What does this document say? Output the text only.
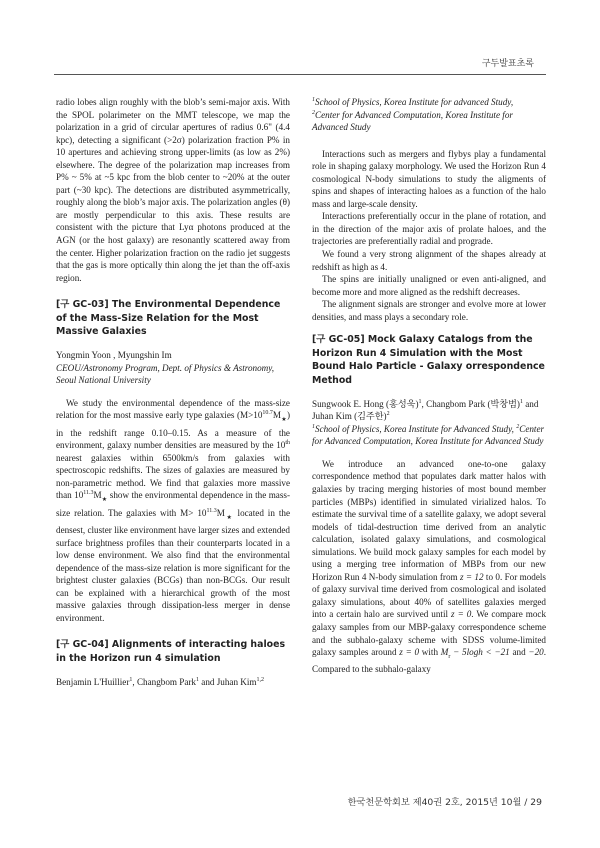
구두발표초록

radio lobes align roughly with the blob’s semi-major axis. With the SPOL polarimeter on the MMT telescope, we map the polarization in a grid of circular apertures of radius 0.6" (4.4 kpc), detecting a significant (>2σ) polarization fraction P% in 10 apertures and achieving strong upper-limits (as low as 2%) elsewhere. The degree of the polarization map increases from P% ~ 5% at ~5 kpc from the blob center to ~20% at the outer part (~30 kpc). The detections are distributed asymmetrically, roughly along the blob’s major axis. The polarization angles (θ) are mostly perpendicular to this axis. These results are consistent with the picture that Lyα photons produced at the AGN (or the host galaxy) are resonantly scattered away from the center. Higher polarization fraction on the radio jet suggests that the gas is more optically thin along the jet than the off-axis region.

[구 GC-03] The Environmental Dependence of the Mass-Size Relation for the Most Massive Galaxies

Yongmin Yoon , Myungshin Im

CEOU/Astronomy Program, Dept. of Physics & Astronomy, Seoul National University

We study the environmental dependence of the mass-size relation for the most massive early type galaxies $(M>10^{10.7}M_★)$ in the redshift range 0.10–0.15. As a measure of the environment, galaxy number densities are measured by the 10th nearest galaxies within 6500km/s from galaxies with spectroscopic redshifts. The sizes of galaxies are measured by non-parametric method. We find that galaxies more massive than $10^{11.3}M_★$ show the environmental dependence in the mass-size relation. The galaxies with $M> 10^{11.3}M_★$ located in the densest, cluster like environment have larger sizes and extended surface brightness profiles than their counterparts located in a low dense environment. We also find that the environmental dependence of the mass-size relation is more significant for the brightest cluster galaxies (BCGs) than non-BCGs. Our result can be explained with a hierarchical growth of the most massive galaxies through dissipation-less merger in dense environment.

[구 GC-04] Alignments of interacting haloes in the Horizon run 4 simulation

Benjamin L'Huillier$^1$, Changbom Park$^1$ and Juhan Kim$^{1,2}$

$^1$School of Physics, Korea Institute for advanced Study,

$^2$Center for Advanced Computation, Korea Institute for Advanced Study

Interactions such as mergers and flybys play a fundamental role in shaping galaxy morphology. We used the Horizon Run 4 cosmological N-body simulations to study the aligments of spins and shapes of interacting haloes as a function of the halo mass and large-scale density.

Interactions preferentially occur in the plane of rotation, and in the direction of the major axis of prolate haloes, and the trajectories are preferentially radial and prograde.

We found a very strong alignment of the shapes already at redshift as high as 4.

The spins are initially unaligned or even anti-aligned, and become more and more aligned as the redshift decreases.

The alignment signals are stronger and evolve more at lower densities, and mass plays a secondary role.

[구 GC-05] Mock Galaxy Catalogs from the Horizon Run 4 Simulation with the Most Bound Halo Particle - Galaxy orrespondence Method

Sungwook E. Hong (홍성욱)$^1$, Changbom Park (박창범)$^1$ and Juhan Kim (김주한)$^2$

$^1$School of Physics, Korea Institute for Advanced Study, $^2$Center for Advanced Computation, Korea Institute for Advanced Study

We introduce an advanced one-to-one galaxy correspondence method that populates dark matter halos with galaxies by tracing merging histories of most bound member particles (MBPs) identified in simulated virialized halos. To estimate the survival time of a satellite galaxy, we adopt several models of tidal-destruction time derived from an analytic calculation, isolated galaxy simulations, and cosmological simulations. We build mock galaxy samples for each model by using a merging tree information of MBPs from our new Horizon Run 4 N-body simulation from z = 12 to 0. For models of galaxy survival time derived from cosmological and isolated galaxy simulations, about 40% of satellites galaxies merged into a certain halo are survived until z = 0. We compare mock galaxy samples from our MBP-galaxy correspondence scheme and the subhalo-galaxy scheme with SDSS volume-limited galaxy samples around z = 0 with $M_r - 5\log h < -21$ and −20. Compared to the subhalo-galaxy

한국천문학회보 제40권 2호, 2015년 10월 / 29
